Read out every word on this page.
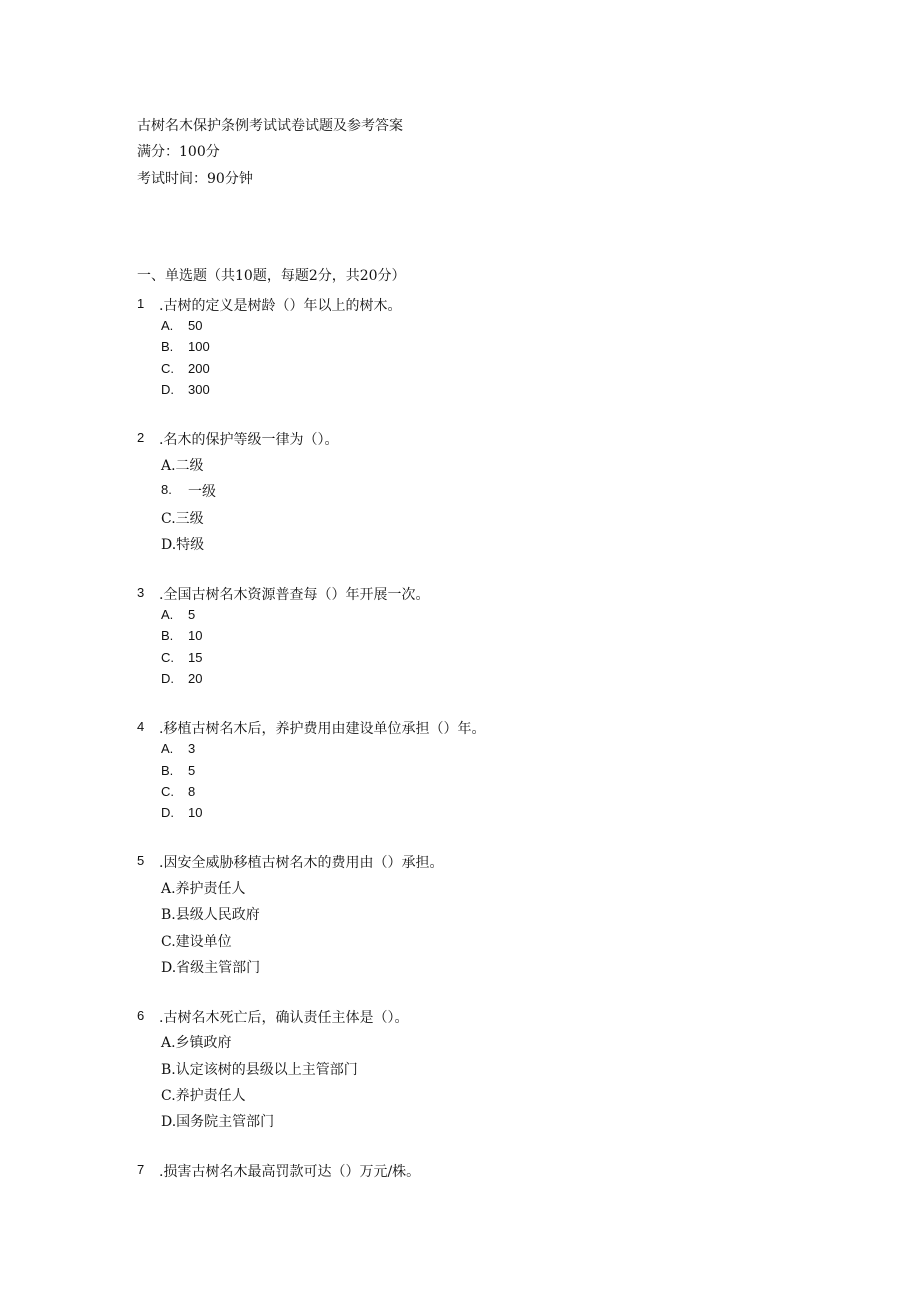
古树名木保护条例考试试卷试题及参考答案
满分：100分
考试时间：90分钟
一、单选题（共10题，每题2分，共20分）
1 .古树的定义是树龄（）年以上的树木。
A. 50
B. 100
C. 200
D. 300
2 .名木的保护等级一律为（）。
A.二级
8. 一级
C.三级
D.特级
3 .全国古树名木资源普查每（）年开展一次。
A. 5
B. 10
C. 15
D. 20
4 .移植古树名木后，养护费用由建设单位承担（）年。
A. 3
B. 5
C. 8
D. 10
5 .因安全威胁移植古树名木的费用由（）承担。
A.养护责任人
B.县级人民政府
C.建设单位
D.省级主管部门
6 .古树名木死亡后，确认责任主体是（）。
A.乡镇政府
B.认定该树的县级以上主管部门
C.养护责任人
D.国务院主管部门
7 .损害古树名木最高罚款可达（）万元/株。
